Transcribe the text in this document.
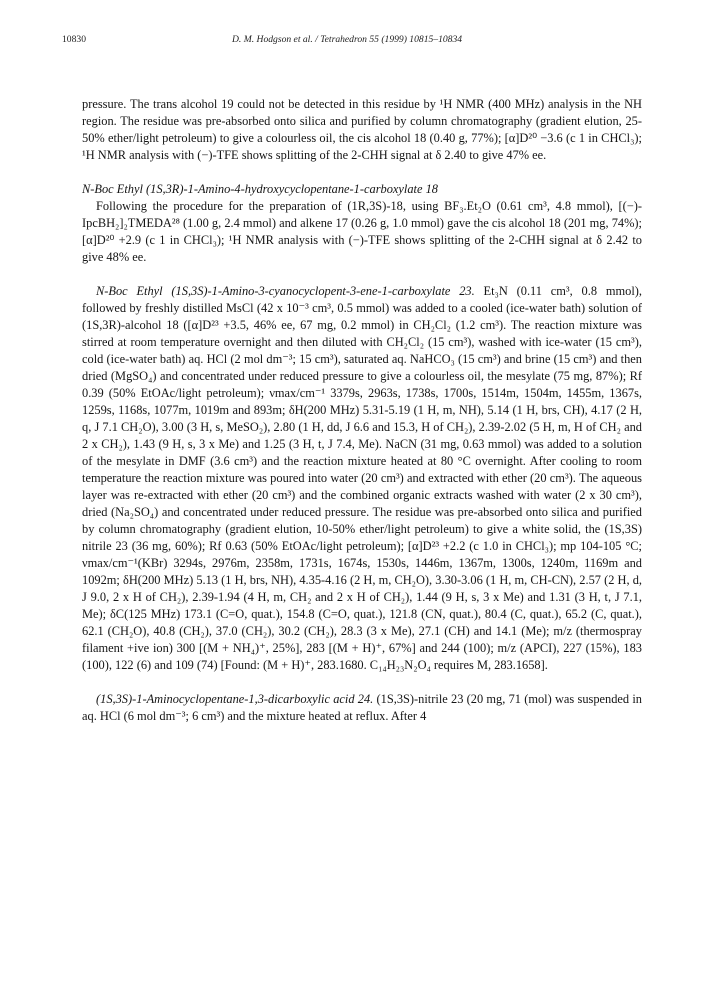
10830	D. M. Hodgson et al. / Tetrahedron 55 (1999) 10815–10834

pressure. The trans alcohol 19 could not be detected in this residue by ¹H NMR (400 MHz) analysis in the NH region. The residue was pre-absorbed onto silica and purified by column chromatography (gradient elution, 25-50% ether/light petroleum) to give a colourless oil, the cis alcohol 18 (0.40 g, 77%); [α]D²⁰ −3.6 (c 1 in CHCl₃); ¹H NMR analysis with (−)-TFE shows splitting of the 2-CHH signal at δ 2.40 to give 47% ee.

N-Boc Ethyl (1S,3R)-1-Amino-4-hydroxycyclopentane-1-carboxylate 18

Following the procedure for the preparation of (1R,3S)-18, using BF₃.Et₂O (0.61 cm³, 4.8 mmol), [(−)-IpcBH₂]₂TMEDA²⁸ (1.00 g, 2.4 mmol) and alkene 17 (0.26 g, 1.0 mmol) gave the cis alcohol 18 (201 mg, 74%); [α]D²⁰ +2.9 (c 1 in CHCl₃); ¹H NMR analysis with (−)-TFE shows splitting of the 2-CHH signal at δ 2.42 to give 48% ee.

N-Boc Ethyl (1S,3S)-1-Amino-3-cyanocyclopent-3-ene-1-carboxylate 23. Et₃N (0.11 cm³, 0.8 mmol), followed by freshly distilled MsCl (42 x 10⁻³ cm³, 0.5 mmol) was added to a cooled (ice-water bath) solution of (1S,3R)-alcohol 18 ([α]D²³ +3.5, 46% ee, 67 mg, 0.2 mmol) in CH₂Cl₂ (1.2 cm³). The reaction mixture was stirred at room temperature overnight and then diluted with CH₂Cl₂ (15 cm³), washed with ice-water (15 cm³), cold (ice-water bath) aq. HCl (2 mol dm⁻³; 15 cm³), saturated aq. NaHCO₃ (15 cm³) and brine (15 cm³) and then dried (MgSO₄) and concentrated under reduced pressure to give a colourless oil, the mesylate (75 mg, 87%); Rf 0.39 (50% EtOAc/light petroleum); νmax/cm⁻¹ 3379s, 2963s, 1738s, 1700s, 1514m, 1504m, 1455m, 1367s, 1259s, 1168s, 1077m, 1019m and 893m; δH(200 MHz) 5.31-5.19 (1 H, m, NH), 5.14 (1 H, brs, CH), 4.17 (2 H, q, J 7.1 CH₂O), 3.00 (3 H, s, MeSO₂), 2.80 (1 H, dd, J 6.6 and 15.3, H of CH₂), 2.39-2.02 (5 H, m, H of CH₂ and 2 x CH₂), 1.43 (9 H, s, 3 x Me) and 1.25 (3 H, t, J 7.4, Me). NaCN (31 mg, 0.63 mmol) was added to a solution of the mesylate in DMF (3.6 cm³) and the reaction mixture heated at 80 °C overnight. After cooling to room temperature the reaction mixture was poured into water (20 cm³) and extracted with ether (20 cm³). The aqueous layer was re-extracted with ether (20 cm³) and the combined organic extracts washed with water (2 x 30 cm³), dried (Na₂SO₄) and concentrated under reduced pressure. The residue was pre-absorbed onto silica and purified by column chromatography (gradient elution, 10-50% ether/light petroleum) to give a white solid, the (1S,3S) nitrile 23 (36 mg, 60%); Rf 0.63 (50% EtOAc/light petroleum); [α]D²³ +2.2 (c 1.0 in CHCl₃); mp 104-105 °C; νmax/cm⁻¹(KBr) 3294s, 2976m, 2358m, 1731s, 1674s, 1530s, 1446m, 1367m, 1300s, 1240m, 1169m and 1092m; δH(200 MHz) 5.13 (1 H, brs, NH), 4.35-4.16 (2 H, m, CH₂O), 3.30-3.06 (1 H, m, CH-CN), 2.57 (2 H, d, J 9.0, 2 x H of CH₂), 2.39-1.94 (4 H, m, CH₂ and 2 x H of CH₂), 1.44 (9 H, s, 3 x Me) and 1.31 (3 H, t, J 7.1, Me); δC(125 MHz) 173.1 (C=O, quat.), 154.8 (C=O, quat.), 121.8 (CN, quat.), 80.4 (C, quat.), 65.2 (C, quat.), 62.1 (CH₂O), 40.8 (CH₂), 37.0 (CH₂), 30.2 (CH₂), 28.3 (3 x Me), 27.1 (CH) and 14.1 (Me); m/z (thermospray filament +ive ion) 300 [(M + NH₄)⁺, 25%], 283 [(M + H)⁺, 67%] and 244 (100); m/z (APCI), 227 (15%), 183 (100), 122 (6) and 109 (74) [Found: (M + H)⁺, 283.1680. C₁₄H₂₃N₂O₄ requires M, 283.1658].

(1S,3S)-1-Aminocyclopentane-1,3-dicarboxylic acid 24. (1S,3S)-nitrile 23 (20 mg, 71 (mol) was suspended in aq. HCl (6 mol dm⁻³; 6 cm³) and the mixture heated at reflux. After 4
